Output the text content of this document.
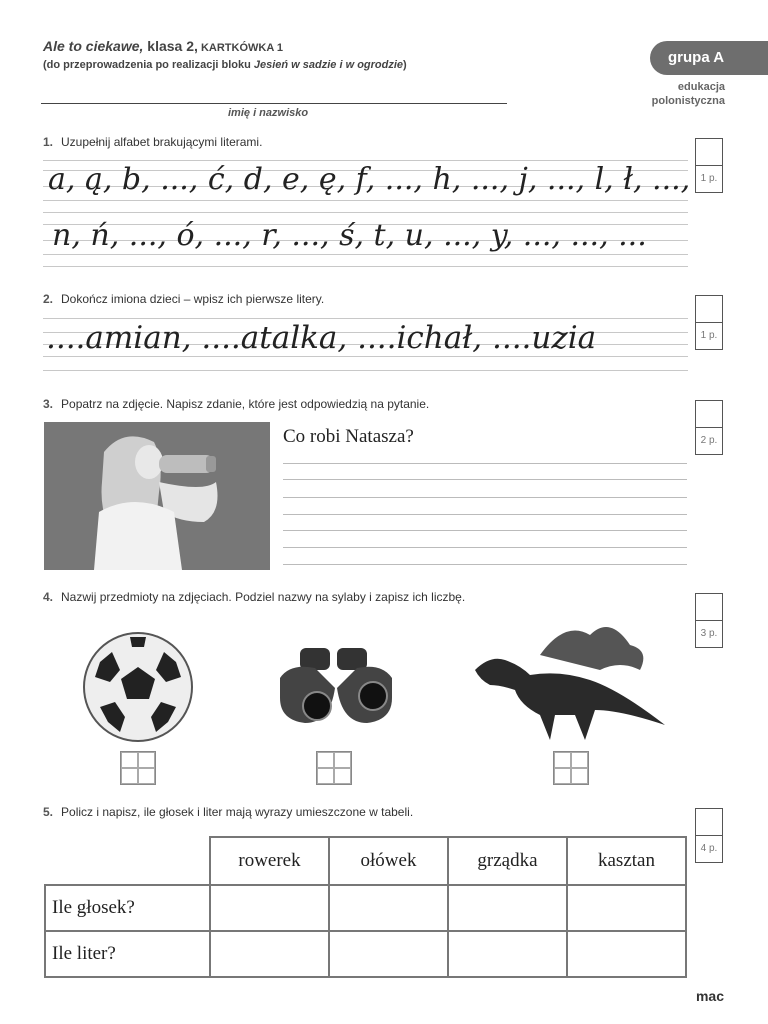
Ale to ciekawe, klasa 2, KARTKÓWKA 1
(do przeprowadzenia po realizacji bloku Jesień w sadzie i w ogrodzie)
imię i nazwisko
grupa A
edukacja
polonistyczna
1. Uzupełnij alfabet brakującymi literami.
1 p.
a, ą, b, ..., ć, d, e, ę, f, ..., h, ..., j, ..., l, ł, ...,
n, ń, ..., ó, ..., r, ..., ś, t, u, ..., y, ..., ..., ...
2. Dokończ imiona dzieci – wpisz ich pierwsze litery.
1 p.
....amian, ....atalka, ....ichał, ....uzia
3. Popatrz na zdjęcie. Napisz zdanie, które jest odpowiedzią na pytanie.
2 p.
Co robi Natasza?
4. Nazwij przedmioty na zdjęciach. Podziel nazwy na sylaby i zapisz ich liczbę.
3 p.
5. Policz i napisz, ile głosek i liter mają wyrazy umieszczone w tabeli.
4 p.
	rowerek	ołówek	grządka	kasztan
Ile głosek?				
Ile liter?				
mac
